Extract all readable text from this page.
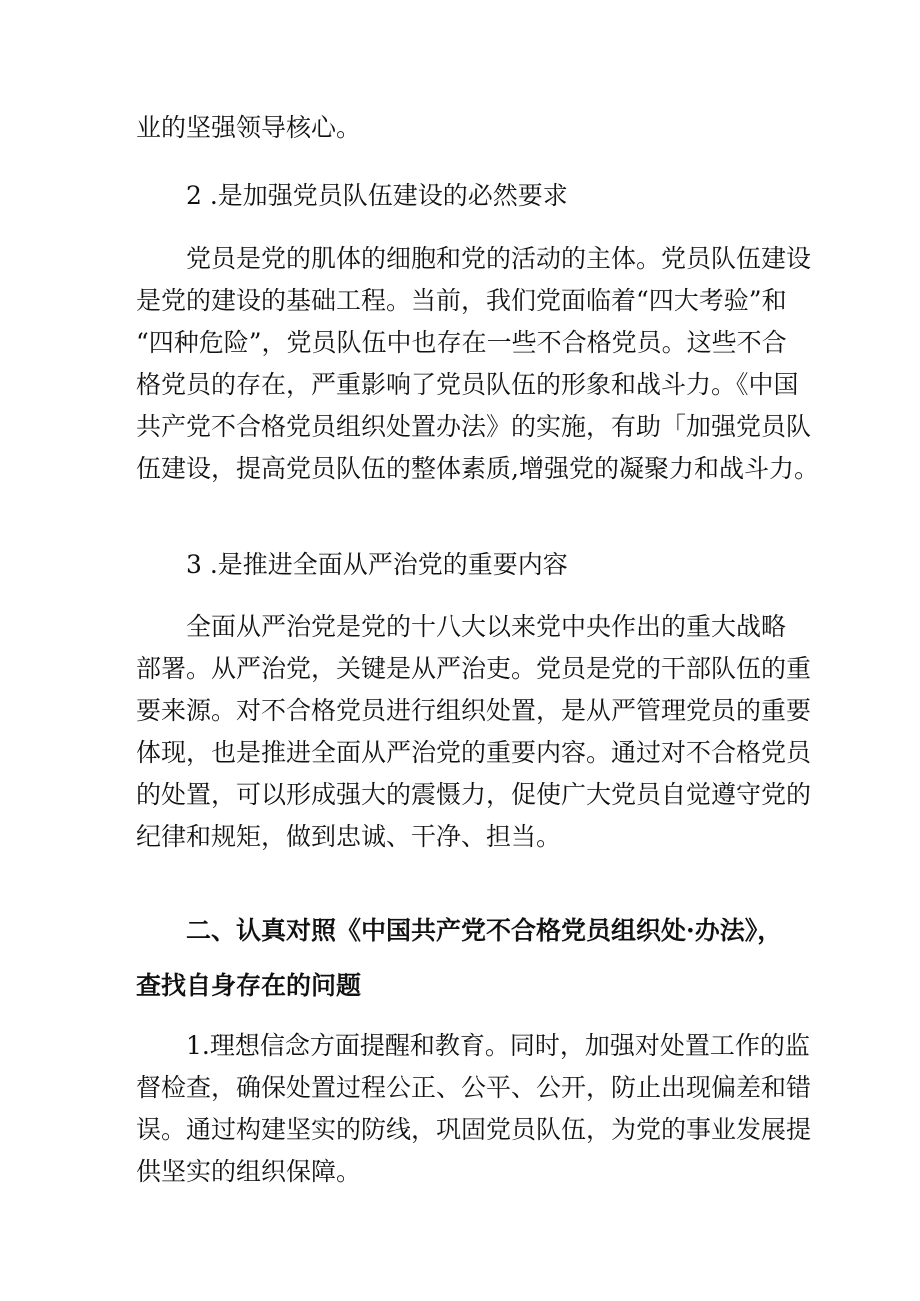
业的坚强领导核心。
2 .是加强党员队伍建设的必然要求
党员是党的肌体的细胞和党的活动的主体。党员队伍建设
是党的建设的基础工程。当前，我们党面临着“四大考验”和
“四种危险”，党员队伍中也存在一些不合格党员。这些不合
格党员的存在，严重影响了党员队伍的形象和战斗力。《中国
共产党不合格党员组织处置办法》的实施，有助「加强党员队
伍建设，提高党员队伍的整体素质,增强党的凝聚力和战斗力。
3 .是推进全面从严治党的重要内容
全面从严治党是党的十八大以来党中央作出的重大战略
部署。从严治党，关键是从严治吏。党员是党的干部队伍的重
要来源。对不合格党员进行组织处置，是从严管理党员的重要
体现，也是推进全面从严治党的重要内容。通过对不合格党员
的处置，可以形成强大的震慑力，促使广大党员自觉遵守党的
纪律和规矩，做到忠诚、干净、担当。
二、认真对照《中国共产党不合格党员组织处·办法》，
查找自身存在的问题
1.理想信念方面提醒和教育。同时，加强对处置工作的监
督检查，确保处置过程公正、公平、公开，防止出现偏差和错
误。通过构建坚实的防线，巩固党员队伍，为党的事业发展提
供坚实的组织保障。
